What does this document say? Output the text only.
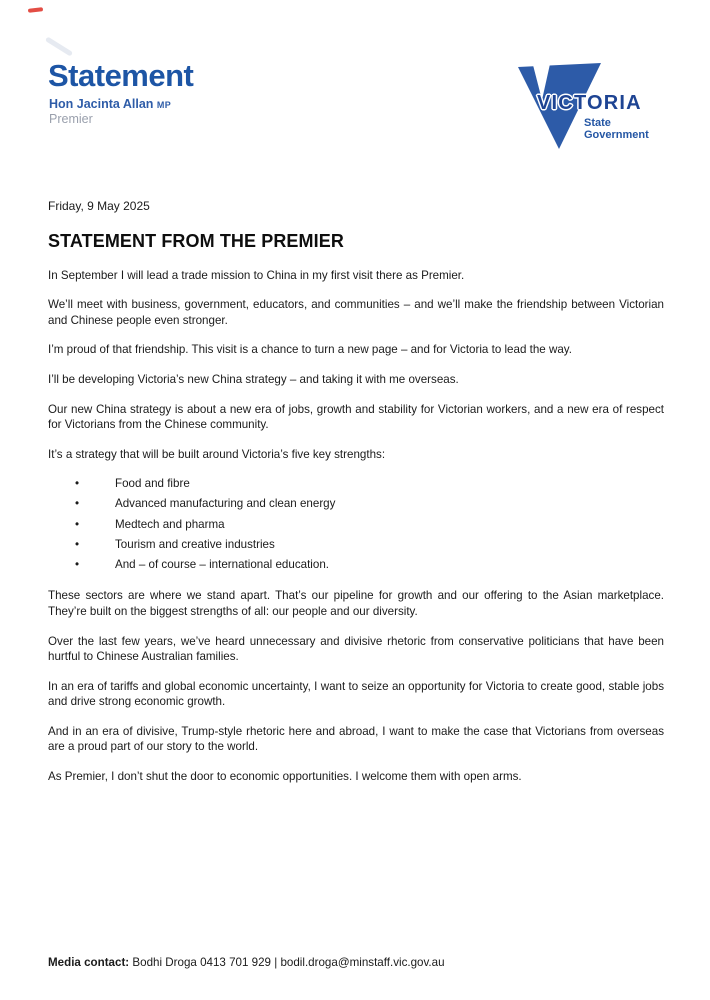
Statement
Hon Jacinta Allan MP
Premier
VICTORIA
State
Government
Friday, 9 May 2025
STATEMENT FROM THE PREMIER

In September I will lead a trade mission to China in my first visit there as Premier.

We’ll meet with business, government, educators, and communities – and we’ll make the friendship between Victorian and Chinese people even stronger.

I’m proud of that friendship. This visit is a chance to turn a new page – and for Victoria to lead the way.

I’ll be developing Victoria’s new China strategy – and taking it with me overseas.

Our new China strategy is about a new era of jobs, growth and stability for Victorian workers, and a new era of respect for Victorians from the Chinese community.

It’s a strategy that will be built around Victoria’s five key strengths:

•	Food and fibre
•	Advanced manufacturing and clean energy
•	Medtech and pharma
•	Tourism and creative industries
•	And – of course – international education.

These sectors are where we stand apart. That’s our pipeline for growth and our offering to the Asian marketplace. They’re built on the biggest strengths of all: our people and our diversity.

Over the last few years, we’ve heard unnecessary and divisive rhetoric from conservative politicians that have been hurtful to Chinese Australian families.

In an era of tariffs and global economic uncertainty, I want to seize an opportunity for Victoria to create good, stable jobs and drive strong economic growth.

And in an era of divisive, Trump-style rhetoric here and abroad, I want to make the case that Victorians from overseas are a proud part of our story to the world.

As Premier, I don’t shut the door to economic opportunities. I welcome them with open arms.

Media contact: Bodhi Droga 0413 701 929 | bodil.droga@minstaff.vic.gov.au
